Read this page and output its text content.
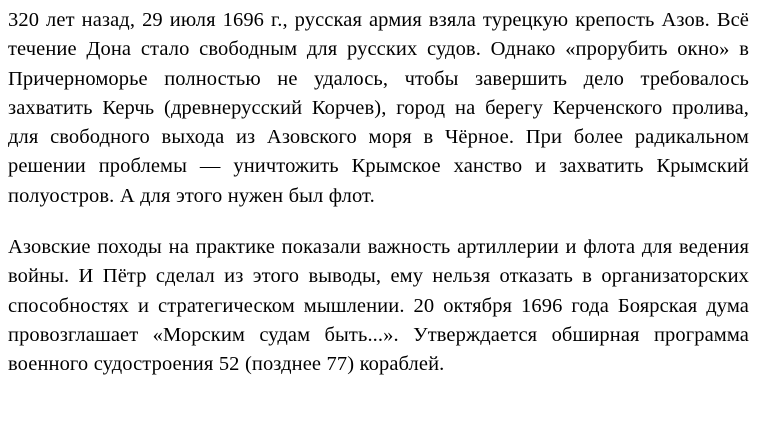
320 лет назад, 29 июля 1696 г., русская армия взяла турецкую крепость Азов. Всё течение Дона стало свободным для русских судов. Однако «прорубить окно» в Причерноморье полностью не удалось, чтобы завершить дело требовалось захватить Керчь (древнерусский Корчев), город на берегу Керченского пролива, для свободного выхода из Азовского моря в Чёрное. При более радикальном решении проблемы — уничтожить Крымское ханство и захватить Крымский полуостров. А для этого нужен был флот.

Азовские походы на практике показали важность артиллерии и флота для ведения войны. И Пётр сделал из этого выводы, ему нельзя отказать в организаторских способностях и стратегическом мышлении. 20 октября 1696 года Боярская дума провозглашает «Морским судам быть...». Утверждается обширная программа военного судостроения 52 (позднее 77) кораблей.
